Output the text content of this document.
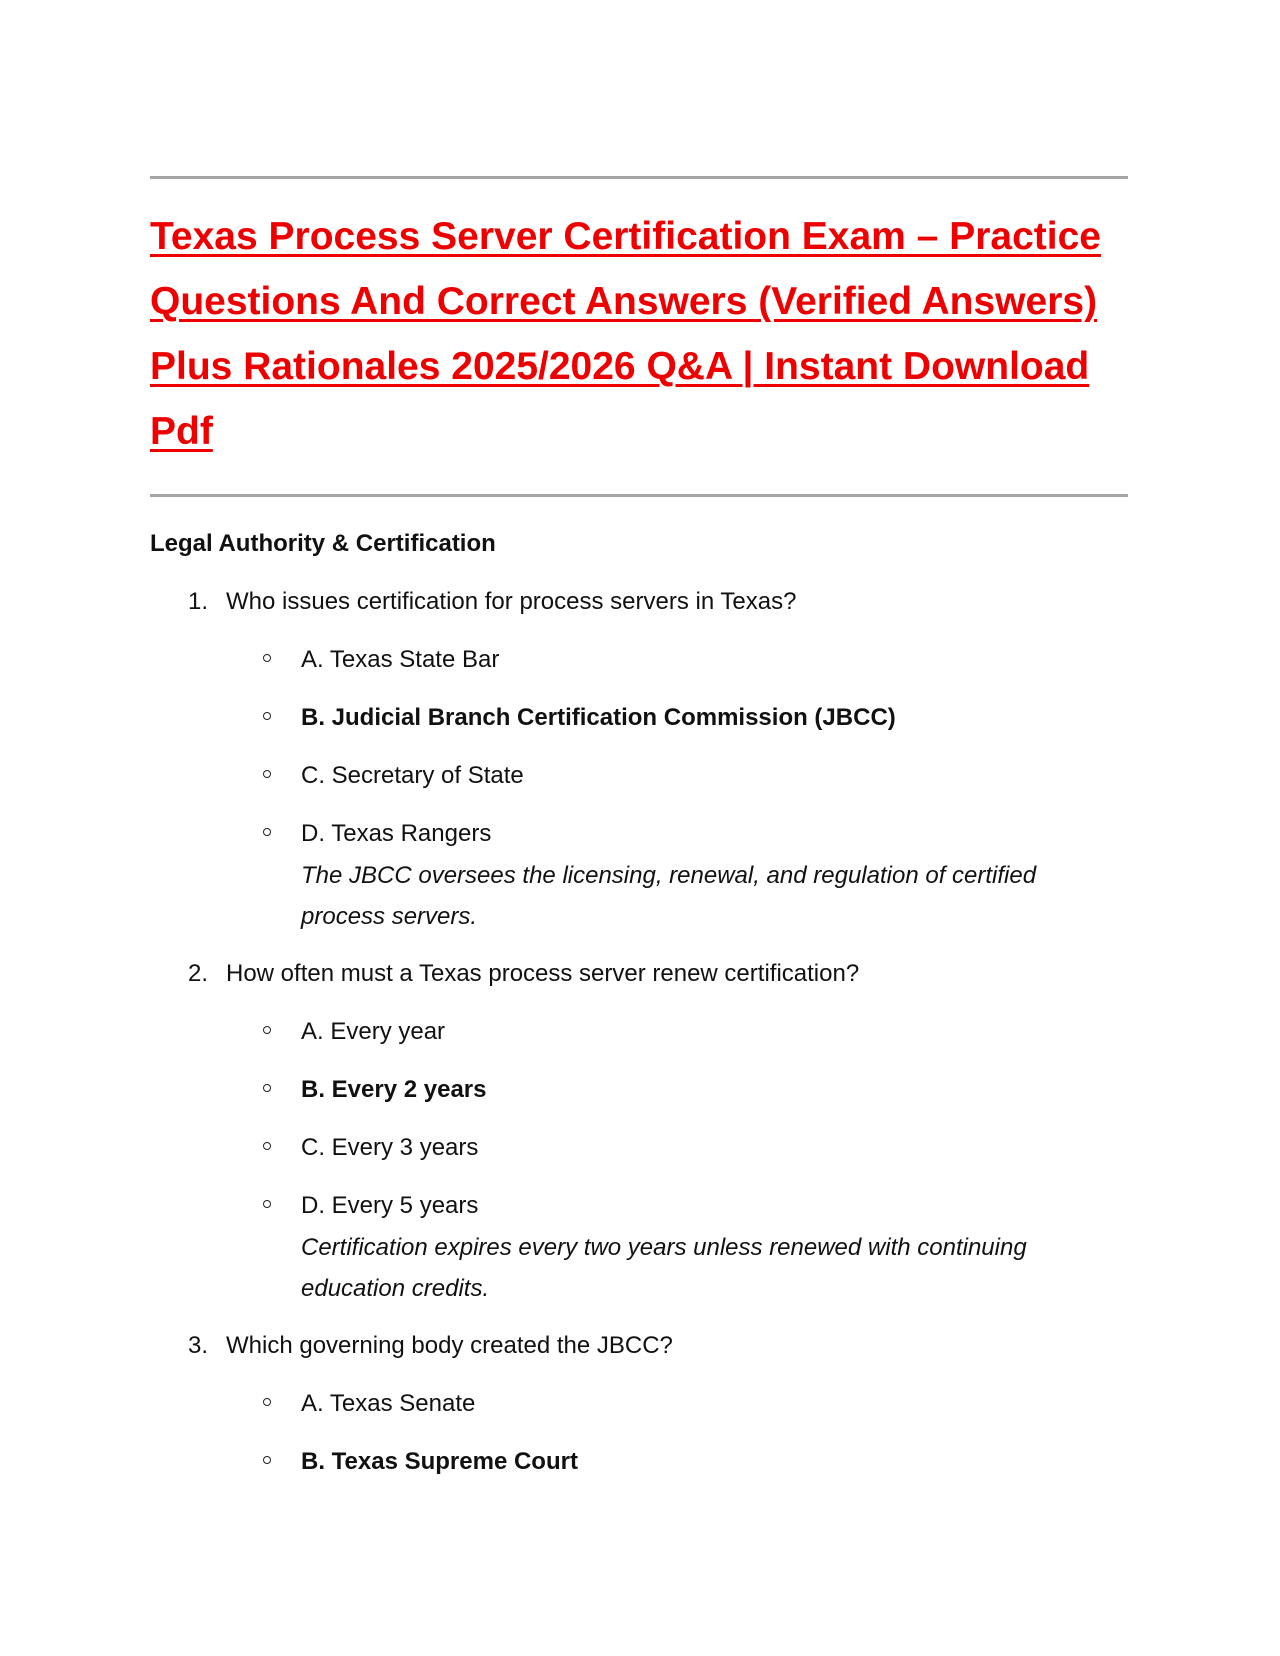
Texas Process Server Certification Exam – Practice Questions And Correct Answers (Verified Answers) Plus Rationales 2025/2026 Q&A | Instant Download Pdf
Legal Authority & Certification
1. Who issues certification for process servers in Texas?
A. Texas State Bar
B. Judicial Branch Certification Commission (JBCC)
C. Secretary of State
D. Texas Rangers
The JBCC oversees the licensing, renewal, and regulation of certified process servers.
2. How often must a Texas process server renew certification?
A. Every year
B. Every 2 years
C. Every 3 years
D. Every 5 years
Certification expires every two years unless renewed with continuing education credits.
3. Which governing body created the JBCC?
A. Texas Senate
B. Texas Supreme Court
